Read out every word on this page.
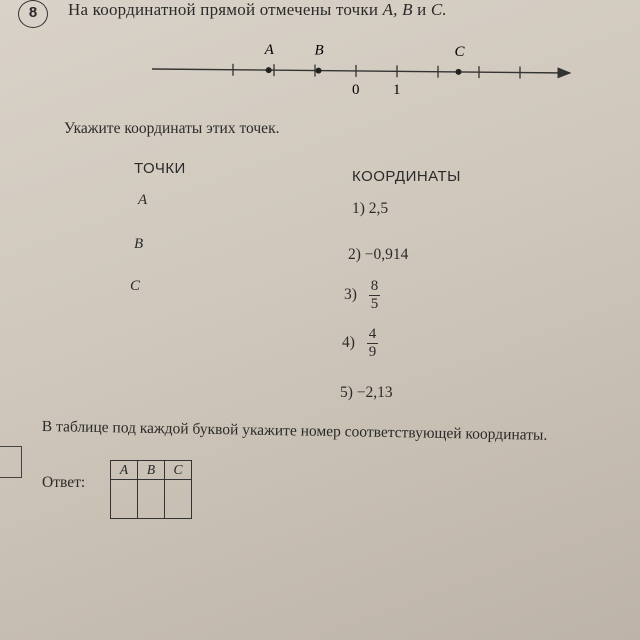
8	На координатной прямой отмечены точки A, B и C.
A	B	C
0 1
Укажите координаты этих точек.
ТОЧКИ	КООРДИНАТЫ
A
B
C
1) 2,5
2) −0,914
$3) \frac{8}{5}$
$4) \frac{4}{9}$
5) −2,13
В таблице под каждой буквой укажите номер соответствующей координаты.
Ответ:
A	B	C
